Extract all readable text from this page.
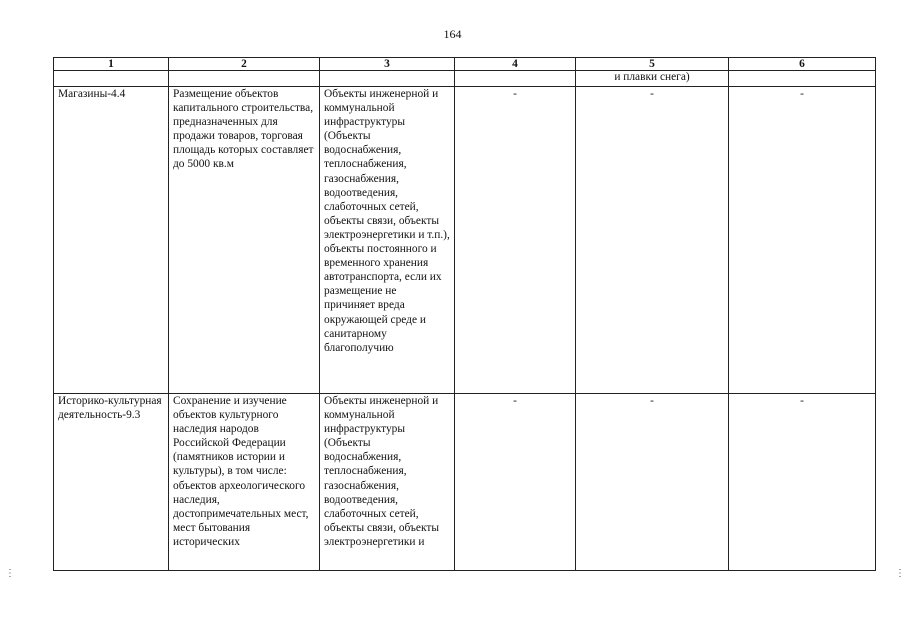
164
1	2	3	4	5	6
				и плавки снега)	
Магазины-4.4	Размещение объектов капитального строительства, предназначенных для продажи товаров, торговая площадь которых составляет до 5000 кв.м	Объекты инженерной и коммунальной инфраструктуры (Объекты водоснабжения, теплоснабжения, газоснабжения, водоотведения, слаботочных сетей, объекты связи, объекты электроэнергетики и т.п.), объекты постоянного и временного хранения автотранспорта, если их размещение не причиняет вреда окружающей среде и санитарному благополучию	-	-	-
Историко-культурная деятельность-9.3	Сохранение и изучение объектов культурного наследия народов Российской Федерации (памятников истории и культуры), в том числе: объектов археологического наследия, достопримечательных мест, мест бытования исторических	Объекты инженерной и коммунальной инфраструктуры (Объекты водоснабжения, теплоснабжения, газоснабжения, водоотведения, слаботочных сетей, объекты связи, объекты электроэнергетики и	-	-	-
⋮	⋮
